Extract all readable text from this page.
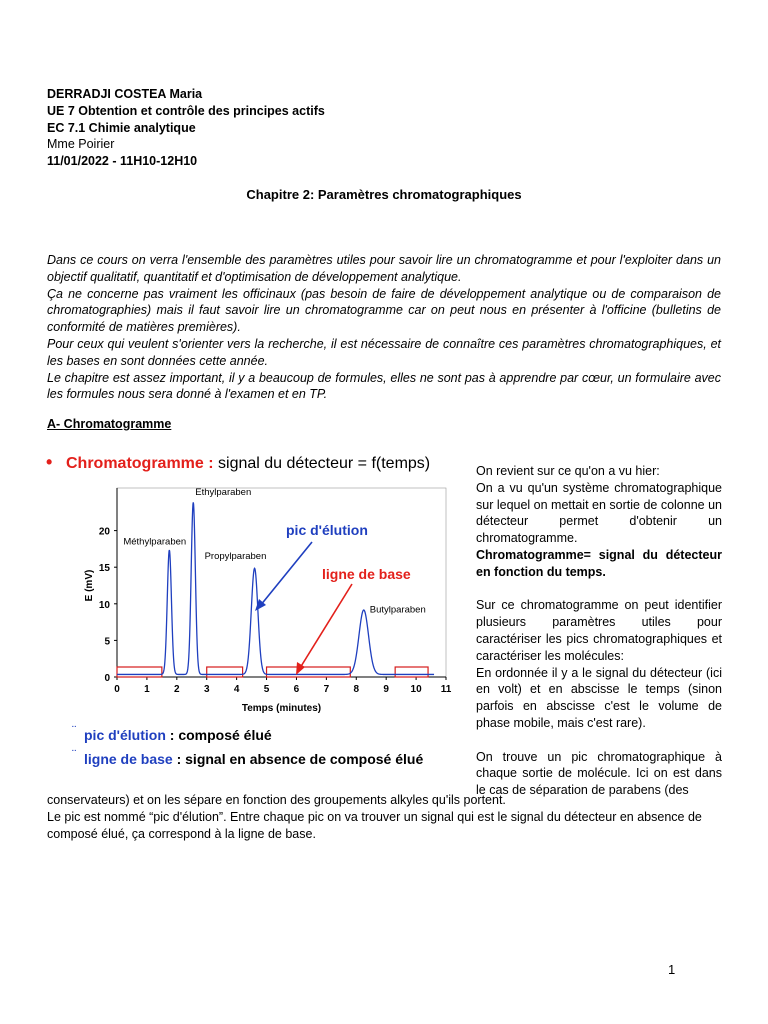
DERRADJI COSTEA Maria
UE 7 Obtention et contrôle des principes actifs
EC 7.1 Chimie analytique
Mme Poirier
11/01/2022 - 11H10-12H10
Chapitre 2: Paramètres chromatographiques

Dans ce cours on verra l'ensemble des paramètres utiles pour savoir lire un chromatogramme et pour l'exploiter dans un objectif qualitatif, quantitatif et d'optimisation de développement analytique.

Ça ne concerne pas vraiment les officinaux (pas besoin de faire de développement analytique ou de comparaison de chromatographies) mais il faut savoir lire un chromatogramme car on peut nous en présenter à l'officine (bulletins de conformité de matières premières).

Pour ceux qui veulent s'orienter vers la recherche, il est nécessaire de connaître ces paramètres chromatographiques, et les bases en sont données cette année.

Le chapitre est assez important, il y a beaucoup de formules, elles ne sont pas à apprendre par cœur, un formulaire avec les formules nous sera donné à l'examen et en TP.

A- Chromatogramme
• Chromatogramme : signal du détecteur = f(temps)
0 1 2 3 4 5 6 7 8 9 10 11
0
5
10
15
20
Temps (minutes)
E (mV)
Méthylparaben
Ethylparaben
Propylparaben
Butylparaben
pic d'élution
ligne de base
¨ pic d'élution : composé élué
¨ ligne de base : signal en absence de composé élué

On revient sur ce qu'on a vu hier:

On a vu qu'un système chromatographique sur lequel on mettait en sortie de colonne un détecteur permet d'obtenir un chromatogramme.

Chromatogramme= signal du détecteur en fonction du temps.

Sur ce chromatogramme on peut identifier plusieurs paramètres utiles pour caractériser les pics chromatographiques et caractériser les molécules:

En ordonnée il y a le signal du détecteur (ici en volt) et en abscisse le temps (sinon parfois en abscisse c'est le volume de phase mobile, mais c'est rare).

On trouve un pic chromatographique à chaque sortie de molécule. Ici on est dans le cas de séparation de parabens (des

conservateurs) et on les sépare en fonction des groupements alkyles qu'ils portent.

Le pic est nommé “pic d'élution”. Entre chaque pic on va trouver un signal qui est le signal du détecteur en absence de composé élué, ça correspond à la ligne de base.

1
